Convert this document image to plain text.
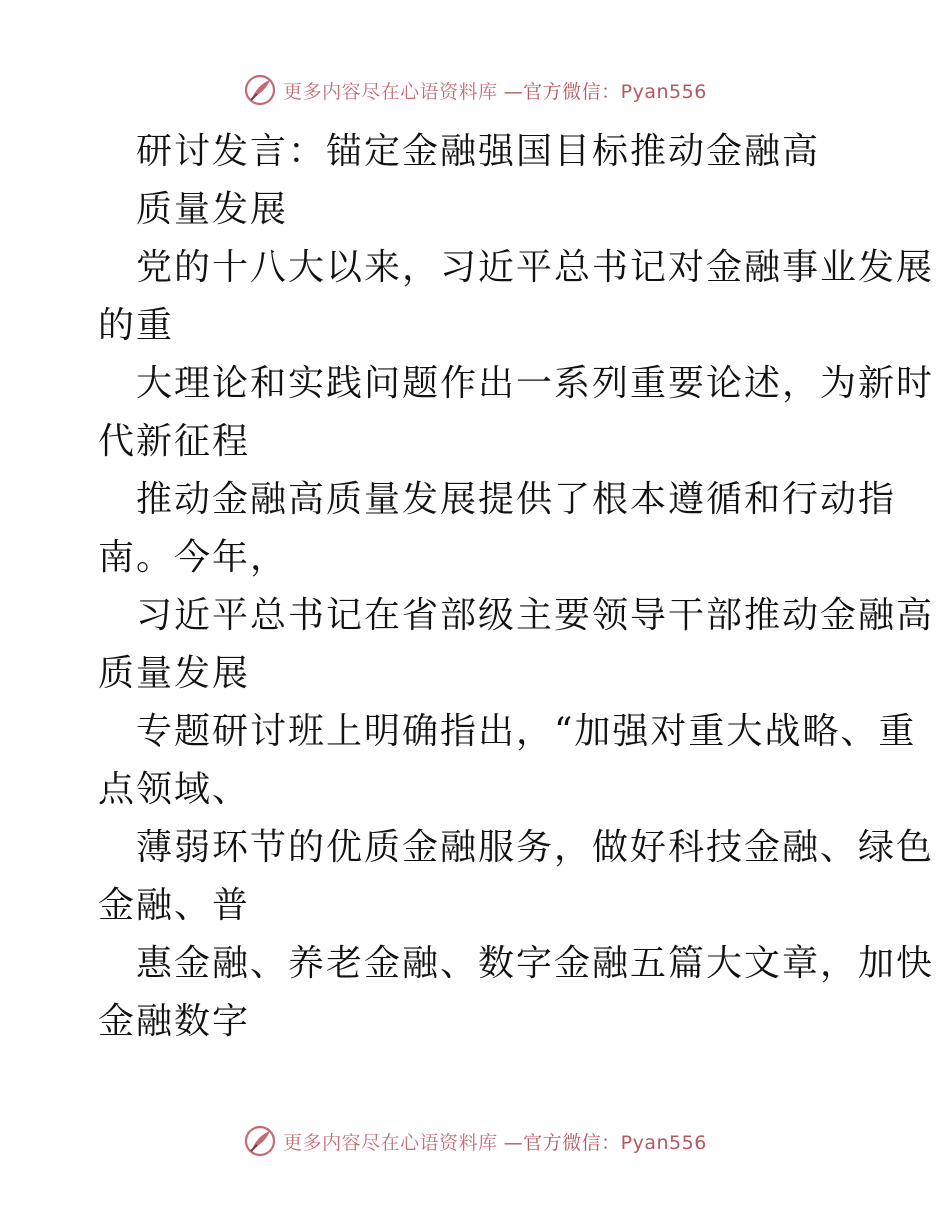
更多内容尽在心语资料库 —官方微信：Pyan556
研讨发言：锚定金融强国目标推动金融高
质量发展
党的十八大以来，习近平总书记对金融事业发展
的重
大理论和实践问题作出一系列重要论述，为新时
代新征程
推动金融高质量发展提供了根本遵循和行动指
南。今年，
习近平总书记在省部级主要领导干部推动金融高
质量发展
专题研讨班上明确指出，“加强对重大战略、重
点领域、
薄弱环节的优质金融服务，做好科技金融、绿色
金融、普
惠金融、养老金融、数字金融五篇大文章，加快
金融数字
更多内容尽在心语资料库 —官方微信：Pyan556
